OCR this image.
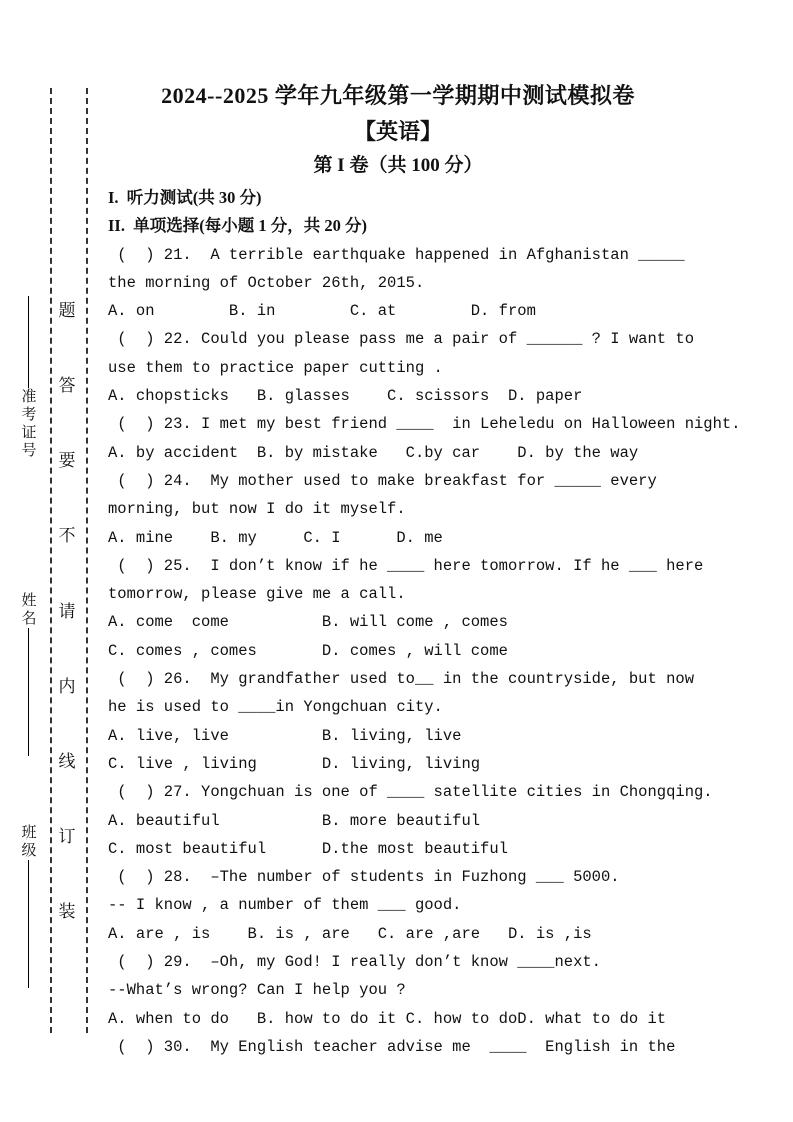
题
答
要
不
请
内
线
订
装
准考证号
姓名
班级
2024--2025 学年九年级第一学期期中测试模拟卷
【英语】
第 I 卷（共 100 分）
I.  听力测试(共 30 分)
II.  单项选择(每小题 1 分，共 20 分)
(  ) 21.  A terrible earthquake happened in Afghanistan _____
the morning of October 26th, 2015.
A. on        B. in        C. at        D. from
(  ) 22. Could you please pass me a pair of ______ ? I want to
use them to practice paper cutting .
A. chopsticks   B. glasses    C. scissors  D. paper
(  ) 23. I met my best friend ____  in Leheledu on Halloween night.
A. by accident  B. by mistake   C.by car    D. by the way
(  ) 24.  My mother used to make breakfast for _____ every
morning, but now I do it myself.
A. mine    B. my     C. I      D. me
(  ) 25.  I don’t know if he ____ here tomorrow. If he ___ here
tomorrow, please give me a call.
A. come  come          B. will come , comes
C. comes , comes       D. comes , will come
(  ) 26.  My grandfather used to__ in the countryside, but now
he is used to ____in Yongchuan city.
A. live, live          B. living, live
C. live , living       D. living, living
(  ) 27. Yongchuan is one of ____ satellite cities in Chongqing.
A. beautiful           B. more beautiful
C. most beautiful      D.the most beautiful
(  ) 28.  –The number of students in Fuzhong ___ 5000.
-- I know , a number of them ___ good.
A. are , is    B. is , are   C. are ,are   D. is ,is
(  ) 29.  –Oh, my God! I really don’t know ____next.
--What’s wrong? Can I help you ?
A. when to do   B. how to do it C. how to doD. what to do it
(  ) 30.  My English teacher advise me  ____  English in the
